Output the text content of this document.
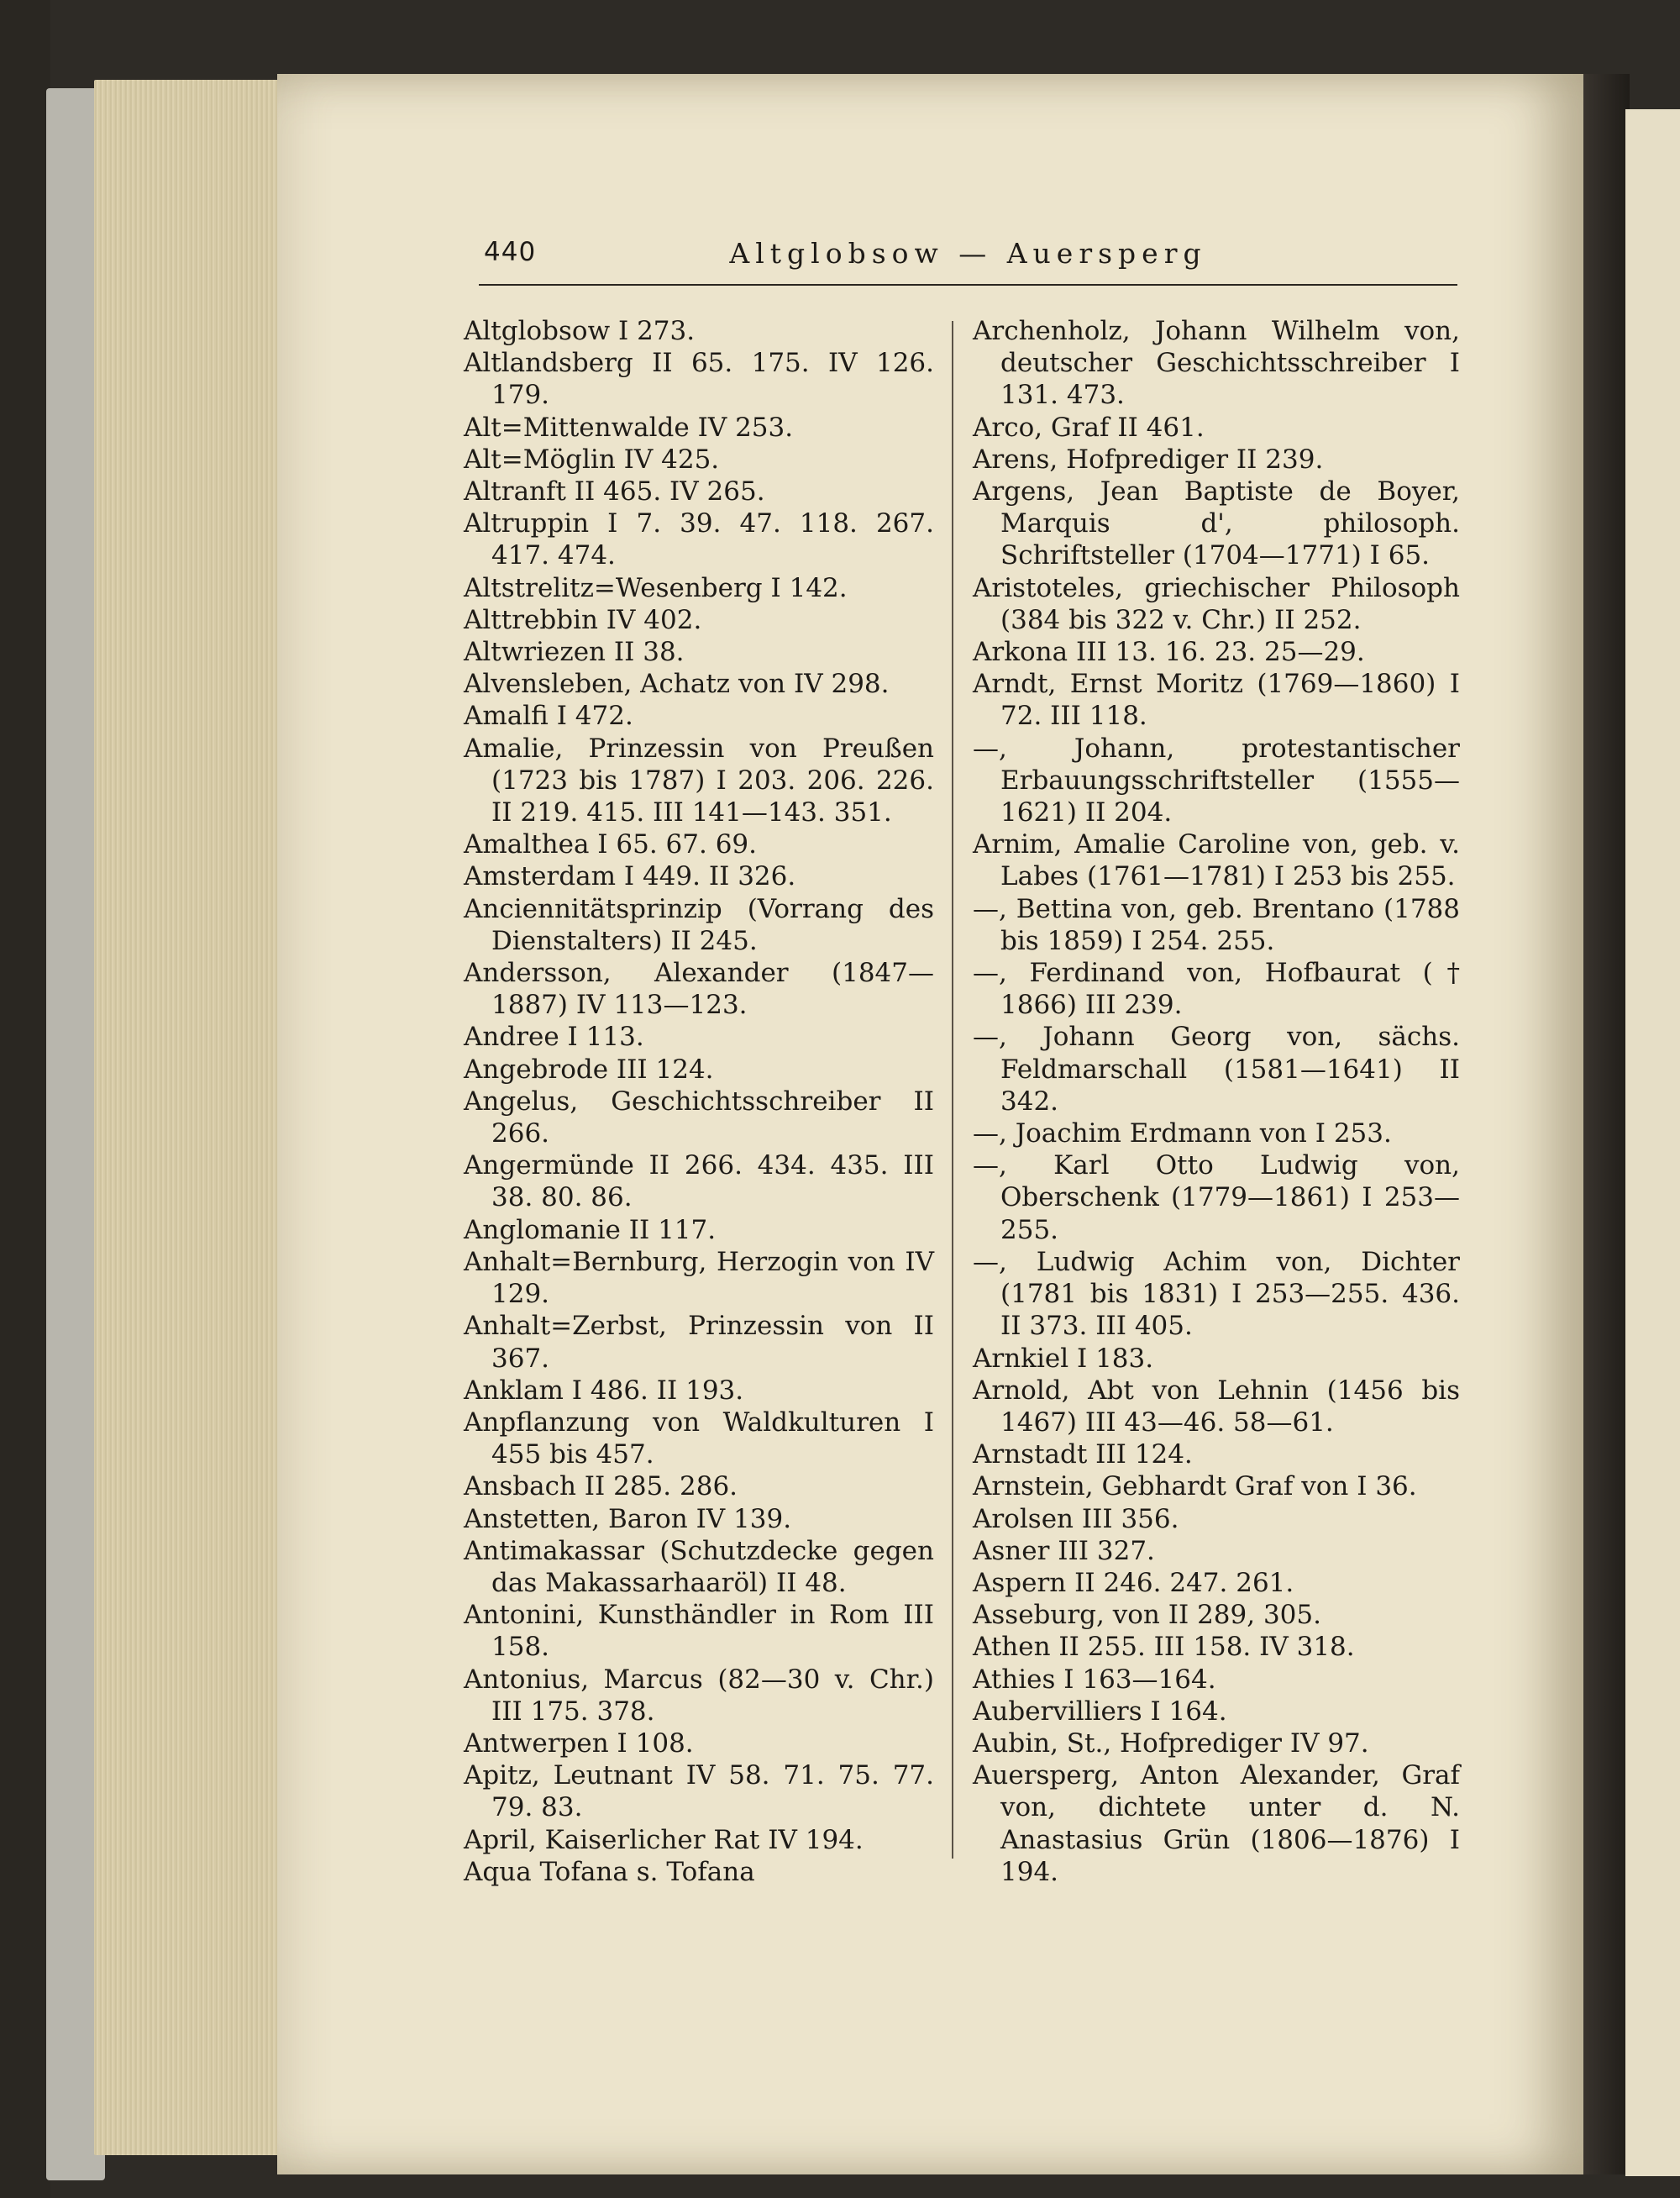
440	Altglobsow — Auersperg
Altglobsow I 273.
Altlandsberg II 65. 175. IV 126. 179.
Alt=Mittenwalde IV 253.
Alt=Möglin IV 425.
Altranft II 465. IV 265.
Altruppin I 7. 39. 47. 118. 267. 417. 474.
Altstrelitz=Wesenberg I 142.
Alttrebbin IV 402.
Altwriezen II 38.
Alvensleben, Achatz von IV 298.
Amalfi I 472.
Amalie, Prinzessin von Preußen (1723 bis 1787) I 203. 206. 226. II 219. 415. III 141—143. 351.
Amalthea I 65. 67. 69.
Amsterdam I 449. II 326.
Anciennitätsprinzip (Vorrang des Dienstalters) II 245.
Andersson, Alexander (1847—1887) IV 113—123.
Andree I 113.
Angebrode III 124.
Angelus, Geschichtsschreiber II 266.
Angermünde II 266. 434. 435. III 38. 80. 86.
Anglomanie II 117.
Anhalt=Bernburg, Herzogin von IV 129.
Anhalt=Zerbst, Prinzessin von II 367.
Anklam I 486. II 193.
Anpflanzung von Waldkulturen I 455 bis 457.
Ansbach II 285. 286.
Anstetten, Baron IV 139.
Antimakassar (Schutzdecke gegen das Makassarhaaröl) II 48.
Antonini, Kunsthändler in Rom III 158.
Antonius, Marcus (82—30 v. Chr.) III 175. 378.
Antwerpen I 108.
Apitz, Leutnant IV 58. 71. 75. 77. 79. 83.
April, Kaiserlicher Rat IV 194.
Aqua Tofana s. Tofana
Archenholz, Johann Wilhelm von, deutscher Geschichtsschreiber I 131. 473.
Arco, Graf II 461.
Arens, Hofprediger II 239.
Argens, Jean Baptiste de Boyer, Marquis d', philosoph. Schriftsteller (1704—1771) I 65.
Aristoteles, griechischer Philosoph (384 bis 322 v. Chr.) II 252.
Arkona III 13. 16. 23. 25—29.
Arndt, Ernst Moritz (1769—1860) I 72. III 118.
—, Johann, protestantischer Erbauungsschriftsteller (1555—1621) II 204.
Arnim, Amalie Caroline von, geb. v. Labes (1761—1781) I 253 bis 255.
—, Bettina von, geb. Brentano (1788 bis 1859) I 254. 255.
—, Ferdinand von, Hofbaurat († 1866) III 239.
—, Johann Georg von, sächs. Feldmarschall (1581—1641) II 342.
—, Joachim Erdmann von I 253.
—, Karl Otto Ludwig von, Oberschenk (1779—1861) I 253—255.
—, Ludwig Achim von, Dichter (1781 bis 1831) I 253—255. 436. II 373. III 405.
Arnkiel I 183.
Arnold, Abt von Lehnin (1456 bis 1467) III 43—46. 58—61.
Arnstadt III 124.
Arnstein, Gebhardt Graf von I 36.
Arolsen III 356.
Asner III 327.
Aspern II 246. 247. 261.
Asseburg, von II 289, 305.
Athen II 255. III 158. IV 318.
Athies I 163—164.
Aubervilliers I 164.
Aubin, St., Hofprediger IV 97.
Auersperg, Anton Alexander, Graf von, dichtete unter d. N. Anastasius Grün (1806—1876) I 194.
